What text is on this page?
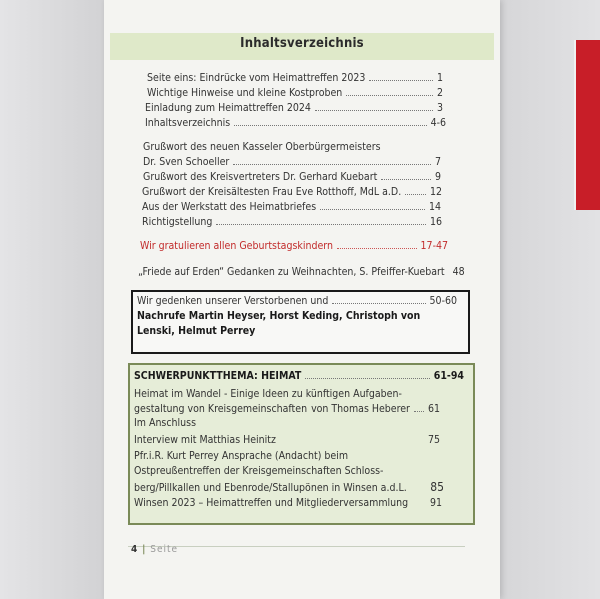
Inhaltsverzeichnis
Seite eins: Eindrücke vom Heimattreffen 2023	1
Wichtige Hinweise und kleine Kostproben	2
Einladung zum Heimattreffen 2024	3
Inhaltsverzeichnis	4-6
Grußwort des neuen Kasseler Oberbürgermeisters
Dr. Sven Schoeller	7
Grußwort des Kreisvertreters Dr. Gerhard Kuebart	9
Grußwort der Kreisältesten Frau Eve Rotthoff, MdL a.D.	12
Aus der Werkstatt des Heimatbriefes	14
Richtigstellung	16
Wir gratulieren allen Geburtstagskindern	17-47
„Friede auf Erden“ Gedanken zu Weihnachten, S. Pfeiffer-Kuebart 48
Wir gedenken unserer Verstorbenen und	50-60
Nachrufe Martin Heyser, Horst Keding, Christoph von
Lenski, Helmut Perrey
SCHWERPUNKTTHEMA: HEIMAT	61-94
Heimat im Wandel - Einige Ideen zu künftigen Aufgaben-
gestaltung von Kreisgemeinschaften von Thomas Heberer 61
Im Anschluss
Interview mit Matthias Heinitz	75
Pfr.i.R. Kurt Perrey Ansprache (Andacht) beim
Ostpreußentreffen der Kreisgemeinschaften Schloss-
berg/Pillkallen und Ebenrode/Stallupönen in Winsen a.d.L. 85
Winsen 2023 – Heimattreffen und Mitgliederversammlung 91
4 | Seite
